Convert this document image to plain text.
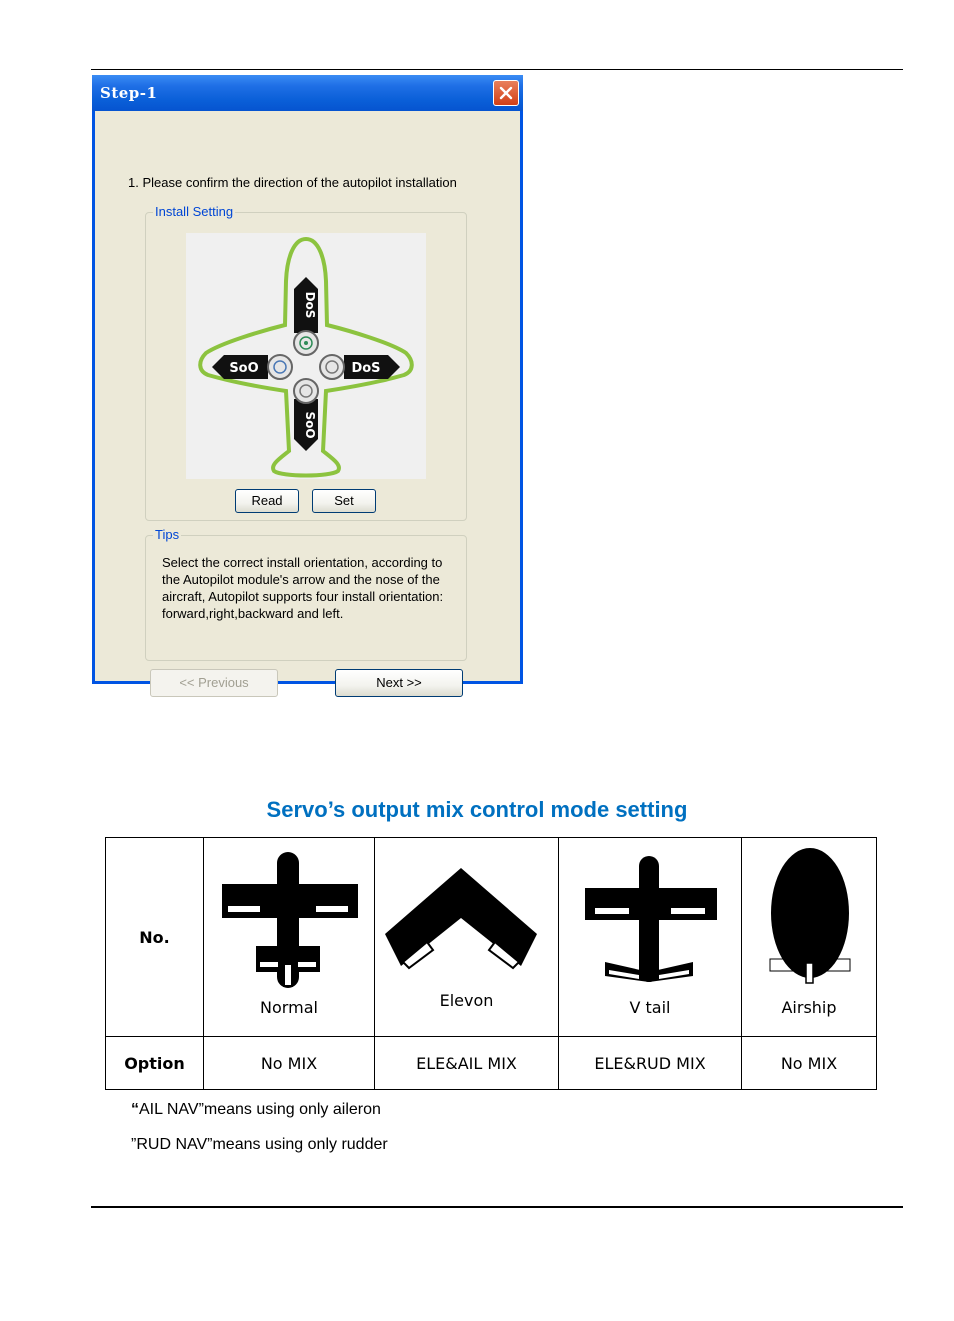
Step-1
1. Please confirm the direction of the autopilot installation
Install Setting
DoS
SoO
SoO	DoS
Read	Set
Tips
Select the correct install orientation, according to the Autopilot module's arrow and the nose of the aircraft, Autopilot supports four install orientation: forward,right,backward and left.
<< Previous	Next >>
Servo’s output mix control mode setting
No.	Normal	Elevon	V tail	Airship

Option	No MIX	ELE&AIL MIX	ELE&RUD MIX	No MIX
“AIL NAV”means using only aileron
”RUD NAV”means using only rudder
